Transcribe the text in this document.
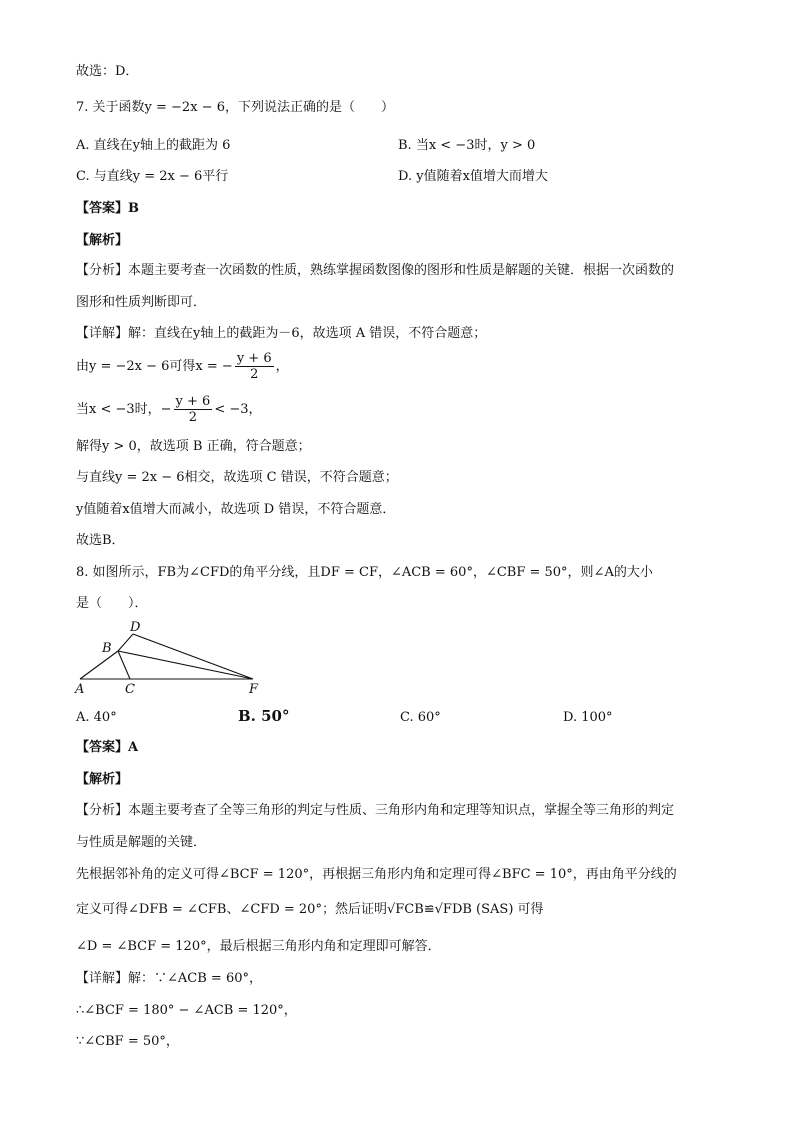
故选：D．
7. 关于函数y = −2x − 6，下列说法正确的是（　　）
A. 直线在y轴上的截距为 6	B. 当x < −3时，y > 0
C. 与直线y = 2x − 6平行	D. y值随着x值增大而增大
【答案】B
【解析】
【分析】本题主要考查一次函数的性质，熟练掌握函数图像的图形和性质是解题的关键．根据一次函数的
图形和性质判断即可．
【详解】解：直线在y轴上的截距为－6，故选项 A 错误，不符合题意；
由y = −2x − 6可得x = − $\frac{y + 6}{2}$ ，
当x < −3时，− $\frac{y + 6}{2} < -3$，
解得y > 0，故选项 B 正确，符合题意；
与直线y = 2x − 6相交，故选项 C 错误，不符合题意；
y值随着x值增大而减小，故选项 D 错误，不符合题意．
故选B．
8. 如图所示，FB为∠CFD的角平分线，且DF = CF，∠ACB = 60°，∠CBF = 50°，则∠A的大小
是（　　）．
A
B
C
D
F
A. 40°	B. 50°	C. 60°	D. 100°
【答案】A
【解析】
【分析】本题主要考查了全等三角形的判定与性质、三角形内角和定理等知识点，掌握全等三角形的判定
与性质是解题的关键．
先根据邻补角的定义可得∠BCF = 120°，再根据三角形内角和定理可得∠BFC = 10°，再由角平分线的
定义可得∠DFB = ∠CFB、∠CFD = 20°；然后证明√FCB≌√FDB (SAS) 可得
∠D = ∠BCF = 120°，最后根据三角形内角和定理即可解答．
【详解】解：∵∠ACB = 60°，
∴∠BCF = 180° − ∠ACB = 120°，
∵∠CBF = 50°，
